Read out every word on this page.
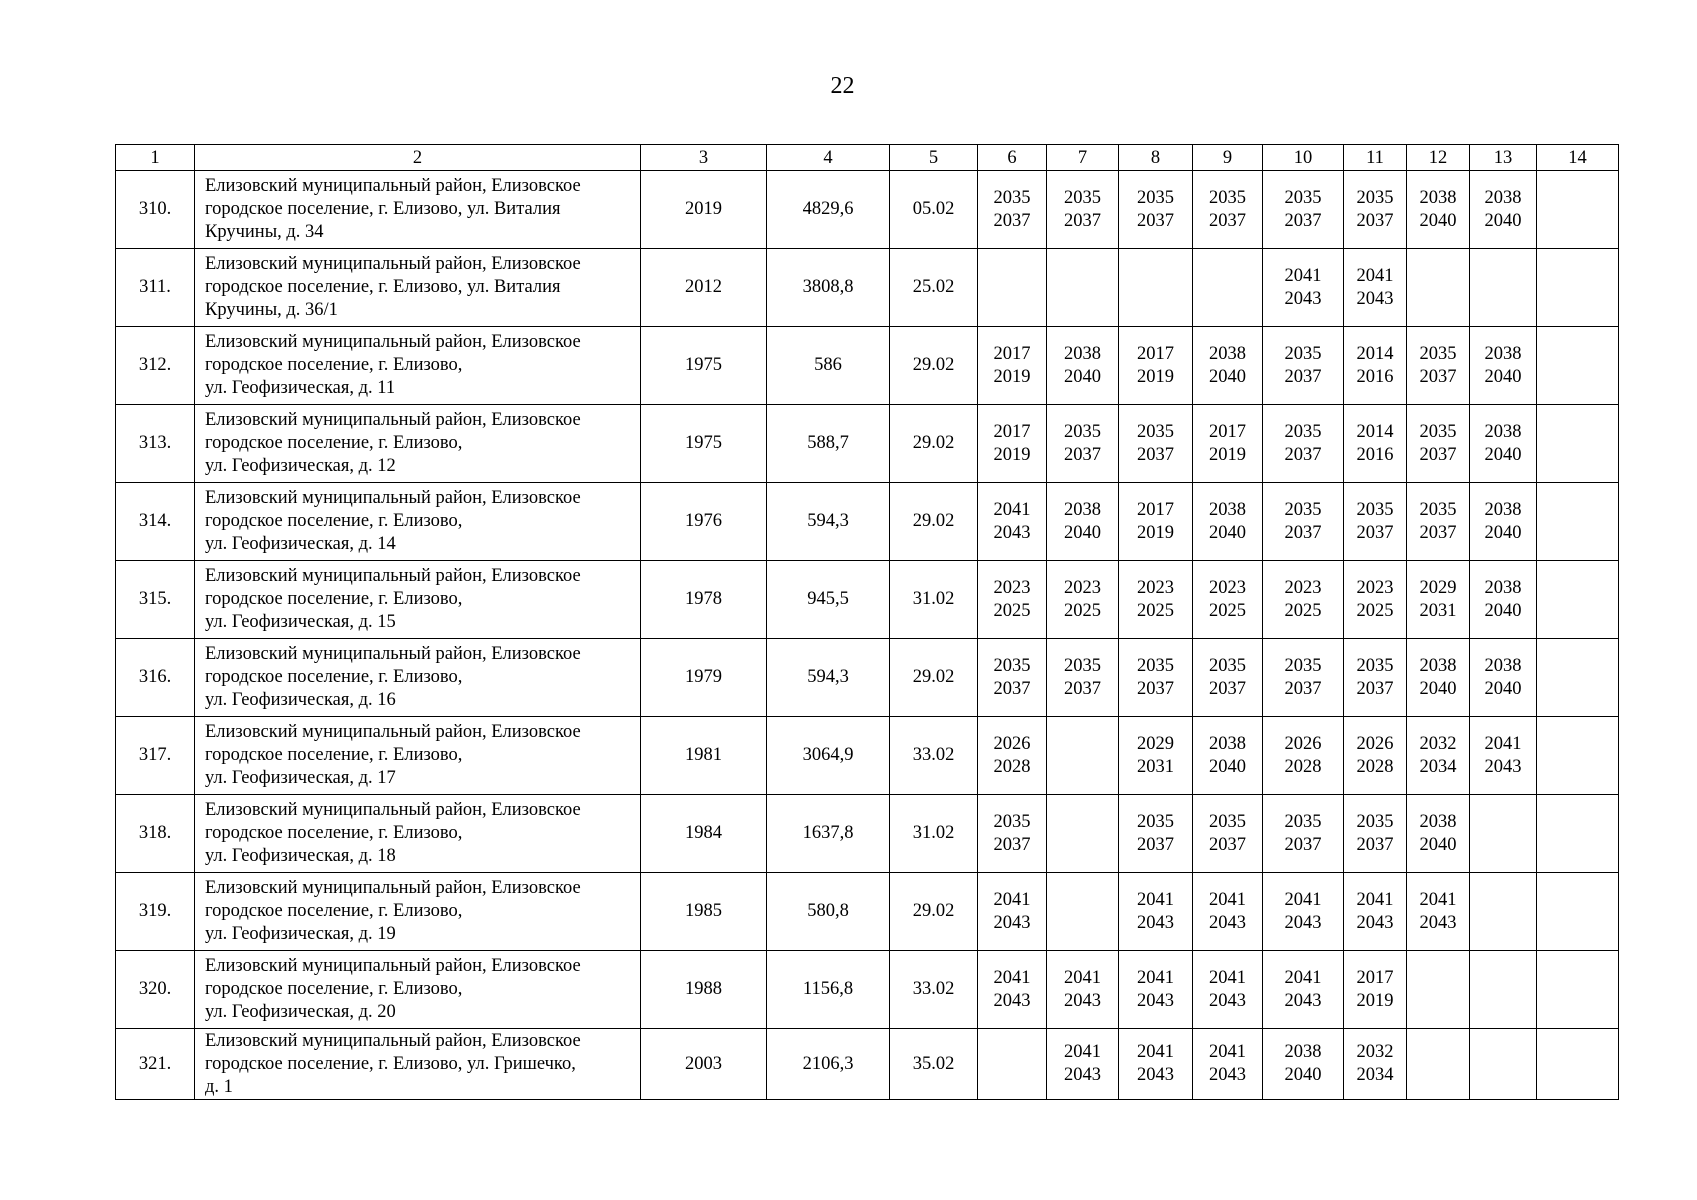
22
1	2	3	4	5	6	7	8	9	10	11	12	13	14
310.	Елизовский муниципальный район, Елизовское
городское поселение, г. Елизово, ул. Виталия
Кручины, д. 34	2019	4829,6	05.02	2035
2037	2035
2037	2035
2037	2035
2037	2035
2037	2035
2037	2038
2040	2038
2040	

311.	Елизовский муниципальный район, Елизовское
городское поселение, г. Елизово, ул. Виталия
Кручины, д. 36/1	2012	3808,8	25.02					2041
2043	2041
2043			

312.	Елизовский муниципальный район, Елизовское
городское поселение, г. Елизово,
ул. Геофизическая, д. 11	1975	586	29.02	2017
2019	2038
2040	2017
2019	2038
2040	2035
2037	2014
2016	2035
2037	2038
2040	

313.	Елизовский муниципальный район, Елизовское
городское поселение, г. Елизово,
ул. Геофизическая, д. 12	1975	588,7	29.02	2017
2019	2035
2037	2035
2037	2017
2019	2035
2037	2014
2016	2035
2037	2038
2040	

314.	Елизовский муниципальный район, Елизовское
городское поселение, г. Елизово,
ул. Геофизическая, д. 14	1976	594,3	29.02	2041
2043	2038
2040	2017
2019	2038
2040	2035
2037	2035
2037	2035
2037	2038
2040	

315.	Елизовский муниципальный район, Елизовское
городское поселение, г. Елизово,
ул. Геофизическая, д. 15	1978	945,5	31.02	2023
2025	2023
2025	2023
2025	2023
2025	2023
2025	2023
2025	2029
2031	2038
2040	

316.	Елизовский муниципальный район, Елизовское
городское поселение, г. Елизово,
ул. Геофизическая, д. 16	1979	594,3	29.02	2035
2037	2035
2037	2035
2037	2035
2037	2035
2037	2035
2037	2038
2040	2038
2040	

317.	Елизовский муниципальный район, Елизовское
городское поселение, г. Елизово,
ул. Геофизическая, д. 17	1981	3064,9	33.02	2026
2028		2029
2031	2038
2040	2026
2028	2026
2028	2032
2034	2041
2043	

318.	Елизовский муниципальный район, Елизовское
городское поселение, г. Елизово,
ул. Геофизическая, д. 18	1984	1637,8	31.02	2035
2037		2035
2037	2035
2037	2035
2037	2035
2037	2038
2040		

319.	Елизовский муниципальный район, Елизовское
городское поселение, г. Елизово,
ул. Геофизическая, д. 19	1985	580,8	29.02	2041
2043		2041
2043	2041
2043	2041
2043	2041
2043	2041
2043		

320.	Елизовский муниципальный район, Елизовское
городское поселение, г. Елизово,
ул. Геофизическая, д. 20	1988	1156,8	33.02	2041
2043	2041
2043	2041
2043	2041
2043	2041
2043	2017
2019			

321.	Елизовский муниципальный район, Елизовское
городское поселение, г. Елизово, ул. Гришечко,
д. 1	2003	2106,3	35.02		2041
2043	2041
2043	2041
2043	2038
2040	2032
2034			
